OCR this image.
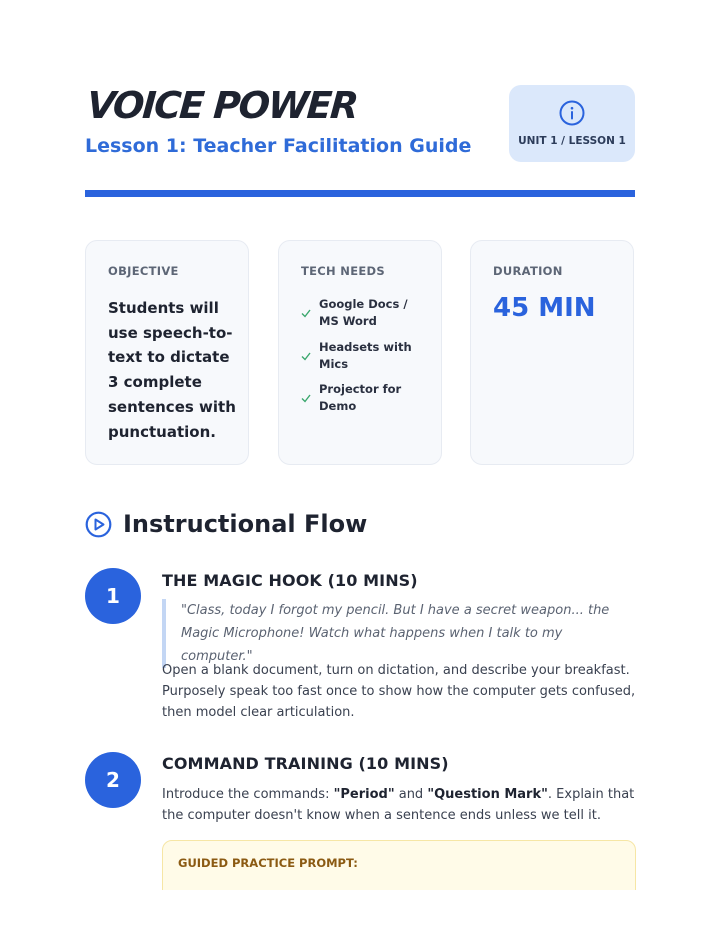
VOICE POWER
Lesson 1: Teacher Facilitation Guide	UNIT 1 / LESSON 1
OBJECTIVE
Students will use speech-to-text to dictate 3 complete sentences with punctuation.
TECH NEEDS
Google Docs / MS Word
Headsets with Mics
Projector for Demo
DURATION
45 MIN
Instructional Flow
1
THE MAGIC HOOK (10 MINS)
"Class, today I forgot my pencil. But I have a secret weapon... the Magic Microphone! Watch what happens when I talk to my computer."

Open a blank document, turn on dictation, and describe your breakfast. Purposely speak too fast once to show how the computer gets confused, then model clear articulation.

2
COMMAND TRAINING (10 MINS)

Introduce the commands: "Period" and "Question Mark". Explain that the computer doesn't know when a sentence ends unless we tell it.

GUIDED PRACTICE PROMPT:
